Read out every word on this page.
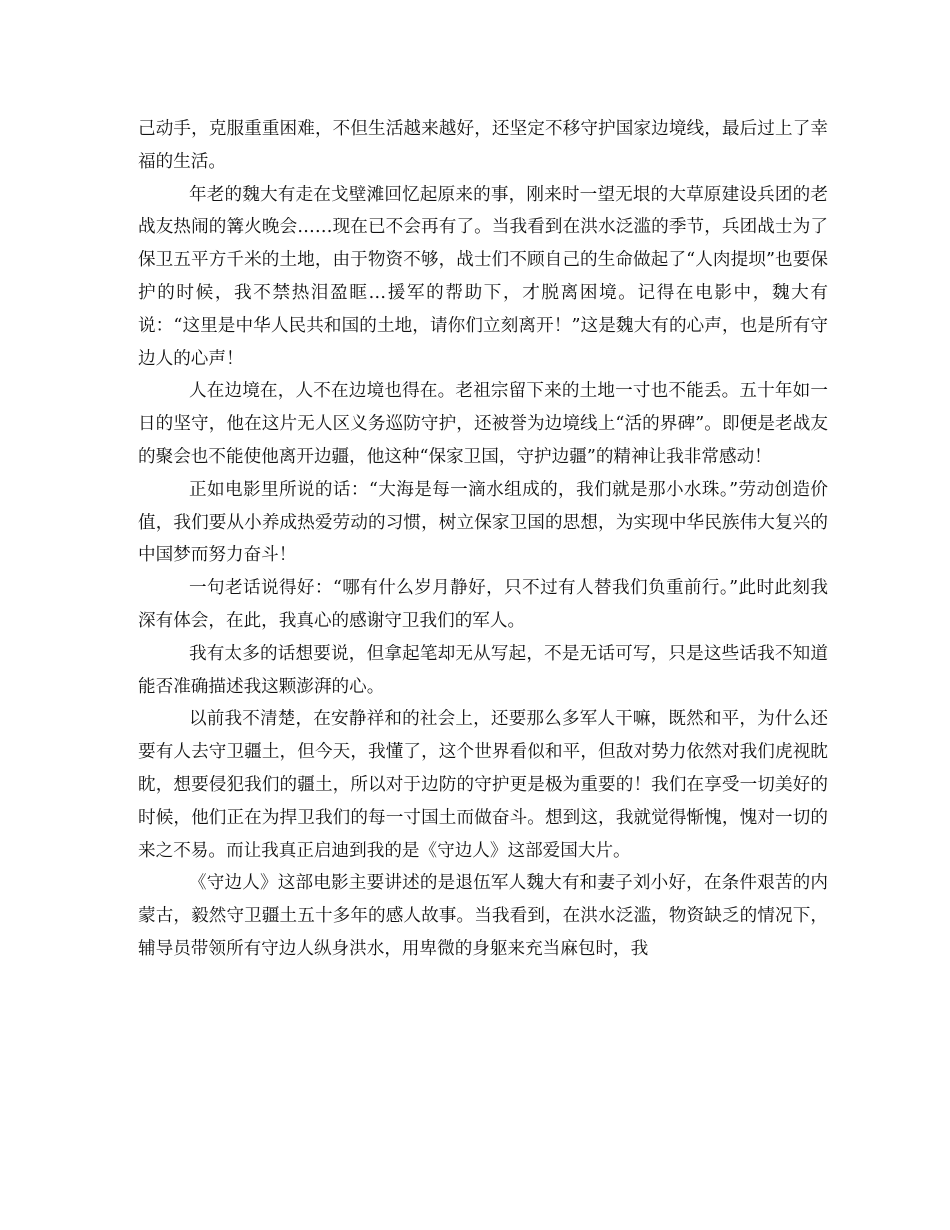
己动手，克服重重困难，不但生活越来越好，还坚定不移守护国家边境线，最后过上了幸福的生活。

年老的魏大有走在戈壁滩回忆起原来的事，刚来时一望无垠的大草原建设兵团的老战友热闹的篝火晚会……现在已不会再有了。当我看到在洪水泛滥的季节，兵团战士为了保卫五平方千米的土地，由于物资不够，战士们不顾自己的生命做起了“人肉提坝”也要保护的时候，我不禁热泪盈眶…援军的帮助下，才脱离困境。记得在电影中，魏大有说：“这里是中华人民共和国的土地，请你们立刻离开！”这是魏大有的心声，也是所有守边人的心声！

人在边境在，人不在边境也得在。老祖宗留下来的土地一寸也不能丢。五十年如一日的坚守，他在这片无人区义务巡防守护，还被誉为边境线上“活的界碑”。即便是老战友的聚会也不能使他离开边疆，他这种“保家卫国，守护边疆”的精神让我非常感动！

正如电影里所说的话：“大海是每一滴水组成的，我们就是那小水珠。”劳动创造价值，我们要从小养成热爱劳动的习惯，树立保家卫国的思想，为实现中华民族伟大复兴的中国梦而努力奋斗！

一句老话说得好：“哪有什么岁月静好，只不过有人替我们负重前行。”此时此刻我深有体会，在此，我真心的感谢守卫我们的军人。

我有太多的话想要说，但拿起笔却无从写起，不是无话可写，只是这些话我不知道能否准确描述我这颗澎湃的心。

以前我不清楚，在安静祥和的社会上，还要那么多军人干嘛，既然和平，为什么还要有人去守卫疆土，但今天，我懂了，这个世界看似和平，但敌对势力依然对我们虎视眈眈，想要侵犯我们的疆土，所以对于边防的守护更是极为重要的！我们在享受一切美好的时候，他们正在为捍卫我们的每一寸国土而做奋斗。想到这，我就觉得惭愧，愧对一切的来之不易。而让我真正启迪到我的是《守边人》这部爱国大片。

《守边人》这部电影主要讲述的是退伍军人魏大有和妻子刘小好，在条件艰苦的内蒙古，毅然守卫疆土五十多年的感人故事。当我看到，在洪水泛滥，物资缺乏的情况下，辅导员带领所有守边人纵身洪水，用卑微的身躯来充当麻包时，我
